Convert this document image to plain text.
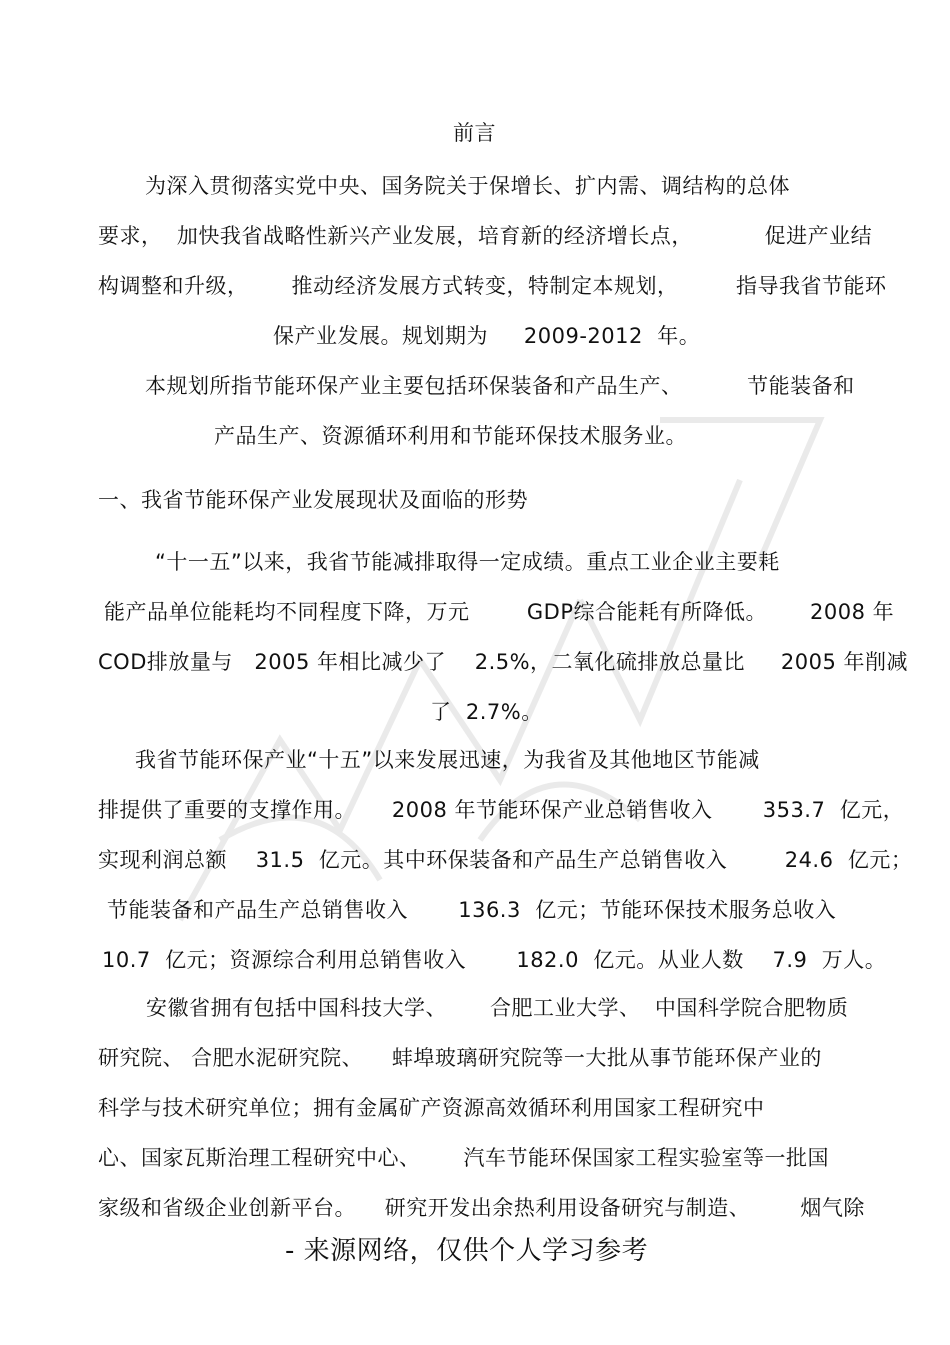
前言
为深入贯彻落实党中央、国务院关于保增长、扩内需、调结构的总体
要求，  加快我省战略性新兴产业发展，培育新的经济增长点，          促进产业结
构调整和升级，      推动经济发展方式转变，特制定本规划，        指导我省节能环
保产业发展。规划期为     2009-2012  年。
本规划所指节能环保产业主要包括环保装备和产品生产、         节能装备和
产品生产、资源循环利用和节能环保技术服务业。
一、我省节能环保产业发展现状及面临的形势
“十一五”以来，我省节能减排取得一定成绩。重点工业企业主要耗
能产品单位能耗均不同程度下降，万元        GDP综合能耗有所降低。      2008 年
COD排放量与   2005 年相比减少了    2.5%，二氧化硫排放总量比     2005 年削减
了  2.7%。
我省节能环保产业“十五”以来发展迅速，为我省及其他地区节能减
排提供了重要的支撑作用。     2008 年节能环保产业总销售收入       353.7  亿元，
实现利润总额    31.5  亿元。其中环保装备和产品生产总销售收入        24.6  亿元；
节能装备和产品生产总销售收入       136.3  亿元；节能环保技术服务总收入
10.7  亿元；资源综合利用总销售收入       182.0  亿元。从业人数    7.9  万人。
安徽省拥有包括中国科技大学、      合肥工业大学、  中国科学院合肥物质
研究院、 合肥水泥研究院、    蚌埠玻璃研究院等一大批从事节能环保产业的
科学与技术研究单位；拥有金属矿产资源高效循环利用国家工程研究中
心、国家瓦斯治理工程研究中心、      汽车节能环保国家工程实验室等一批国
家级和省级企业创新平台。    研究开发出余热利用设备研究与制造、       烟气除
- 来源网络，仅供个人学习参考
